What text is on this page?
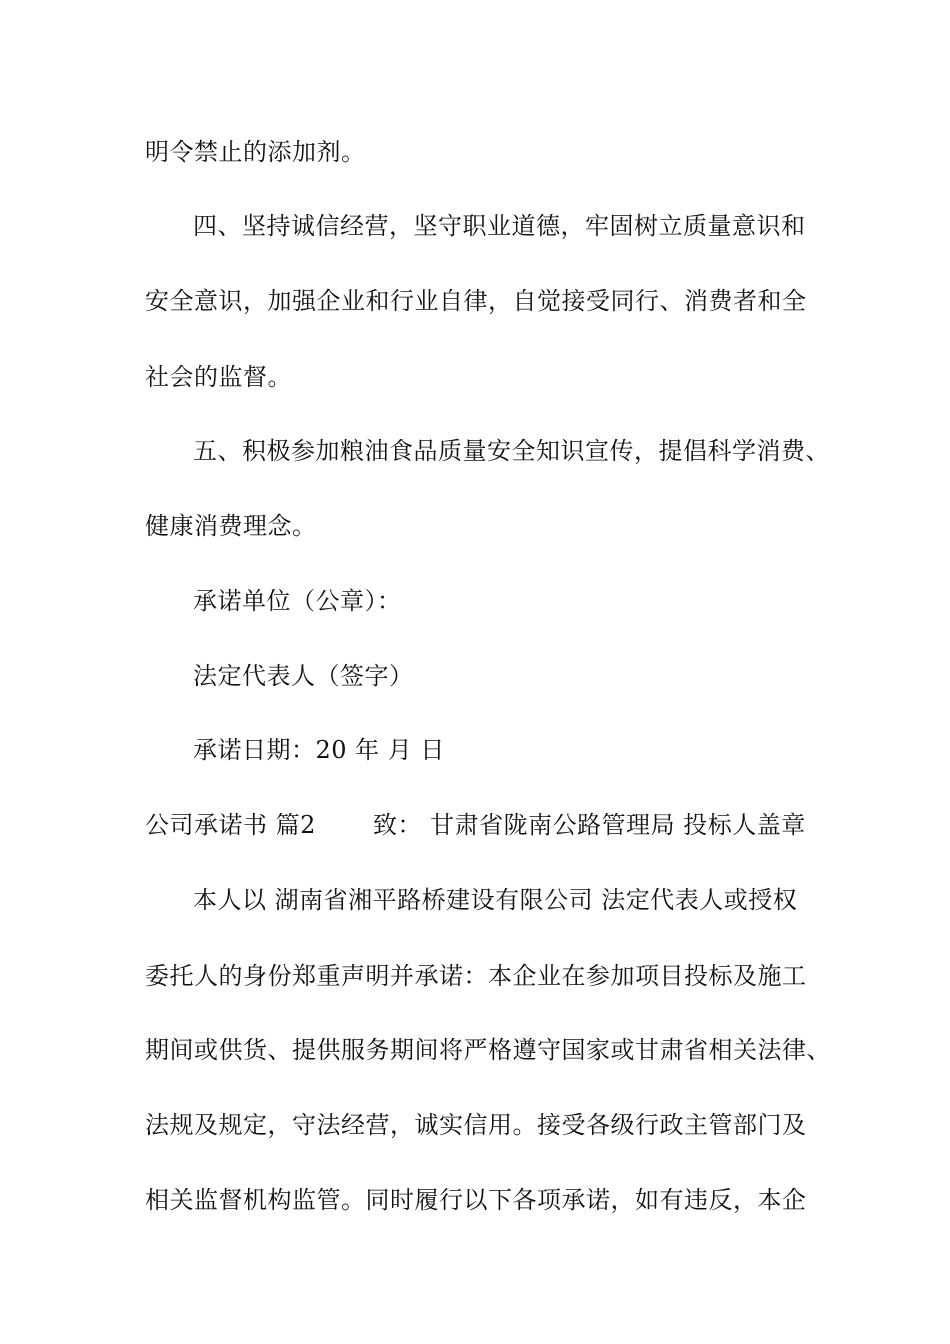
明令禁止的添加剂。
四、坚持诚信经营，坚守职业道德，牢固树立质量意识和
安全意识，加强企业和行业自律，自觉接受同行、消费者和全
社会的监督。
五、积极参加粮油食品质量安全知识宣传，提倡科学消费、
健康消费理念。
承诺单位（公章）：
法定代表人（签字）
承诺日期：20 年 月 日
公司承诺书 篇2　　 致： 甘肃省陇南公路管理局 投标人盖章
本人以 湖南省湘平路桥建设有限公司 法定代表人或授权
委托人的身份郑重声明并承诺：本企业在参加项目投标及施工
期间或供货、提供服务期间将严格遵守国家或甘肃省相关法律、
法规及规定，守法经营，诚实信用。接受各级行政主管部门及
相关监督机构监管。同时履行以下各项承诺，如有违反，本企
